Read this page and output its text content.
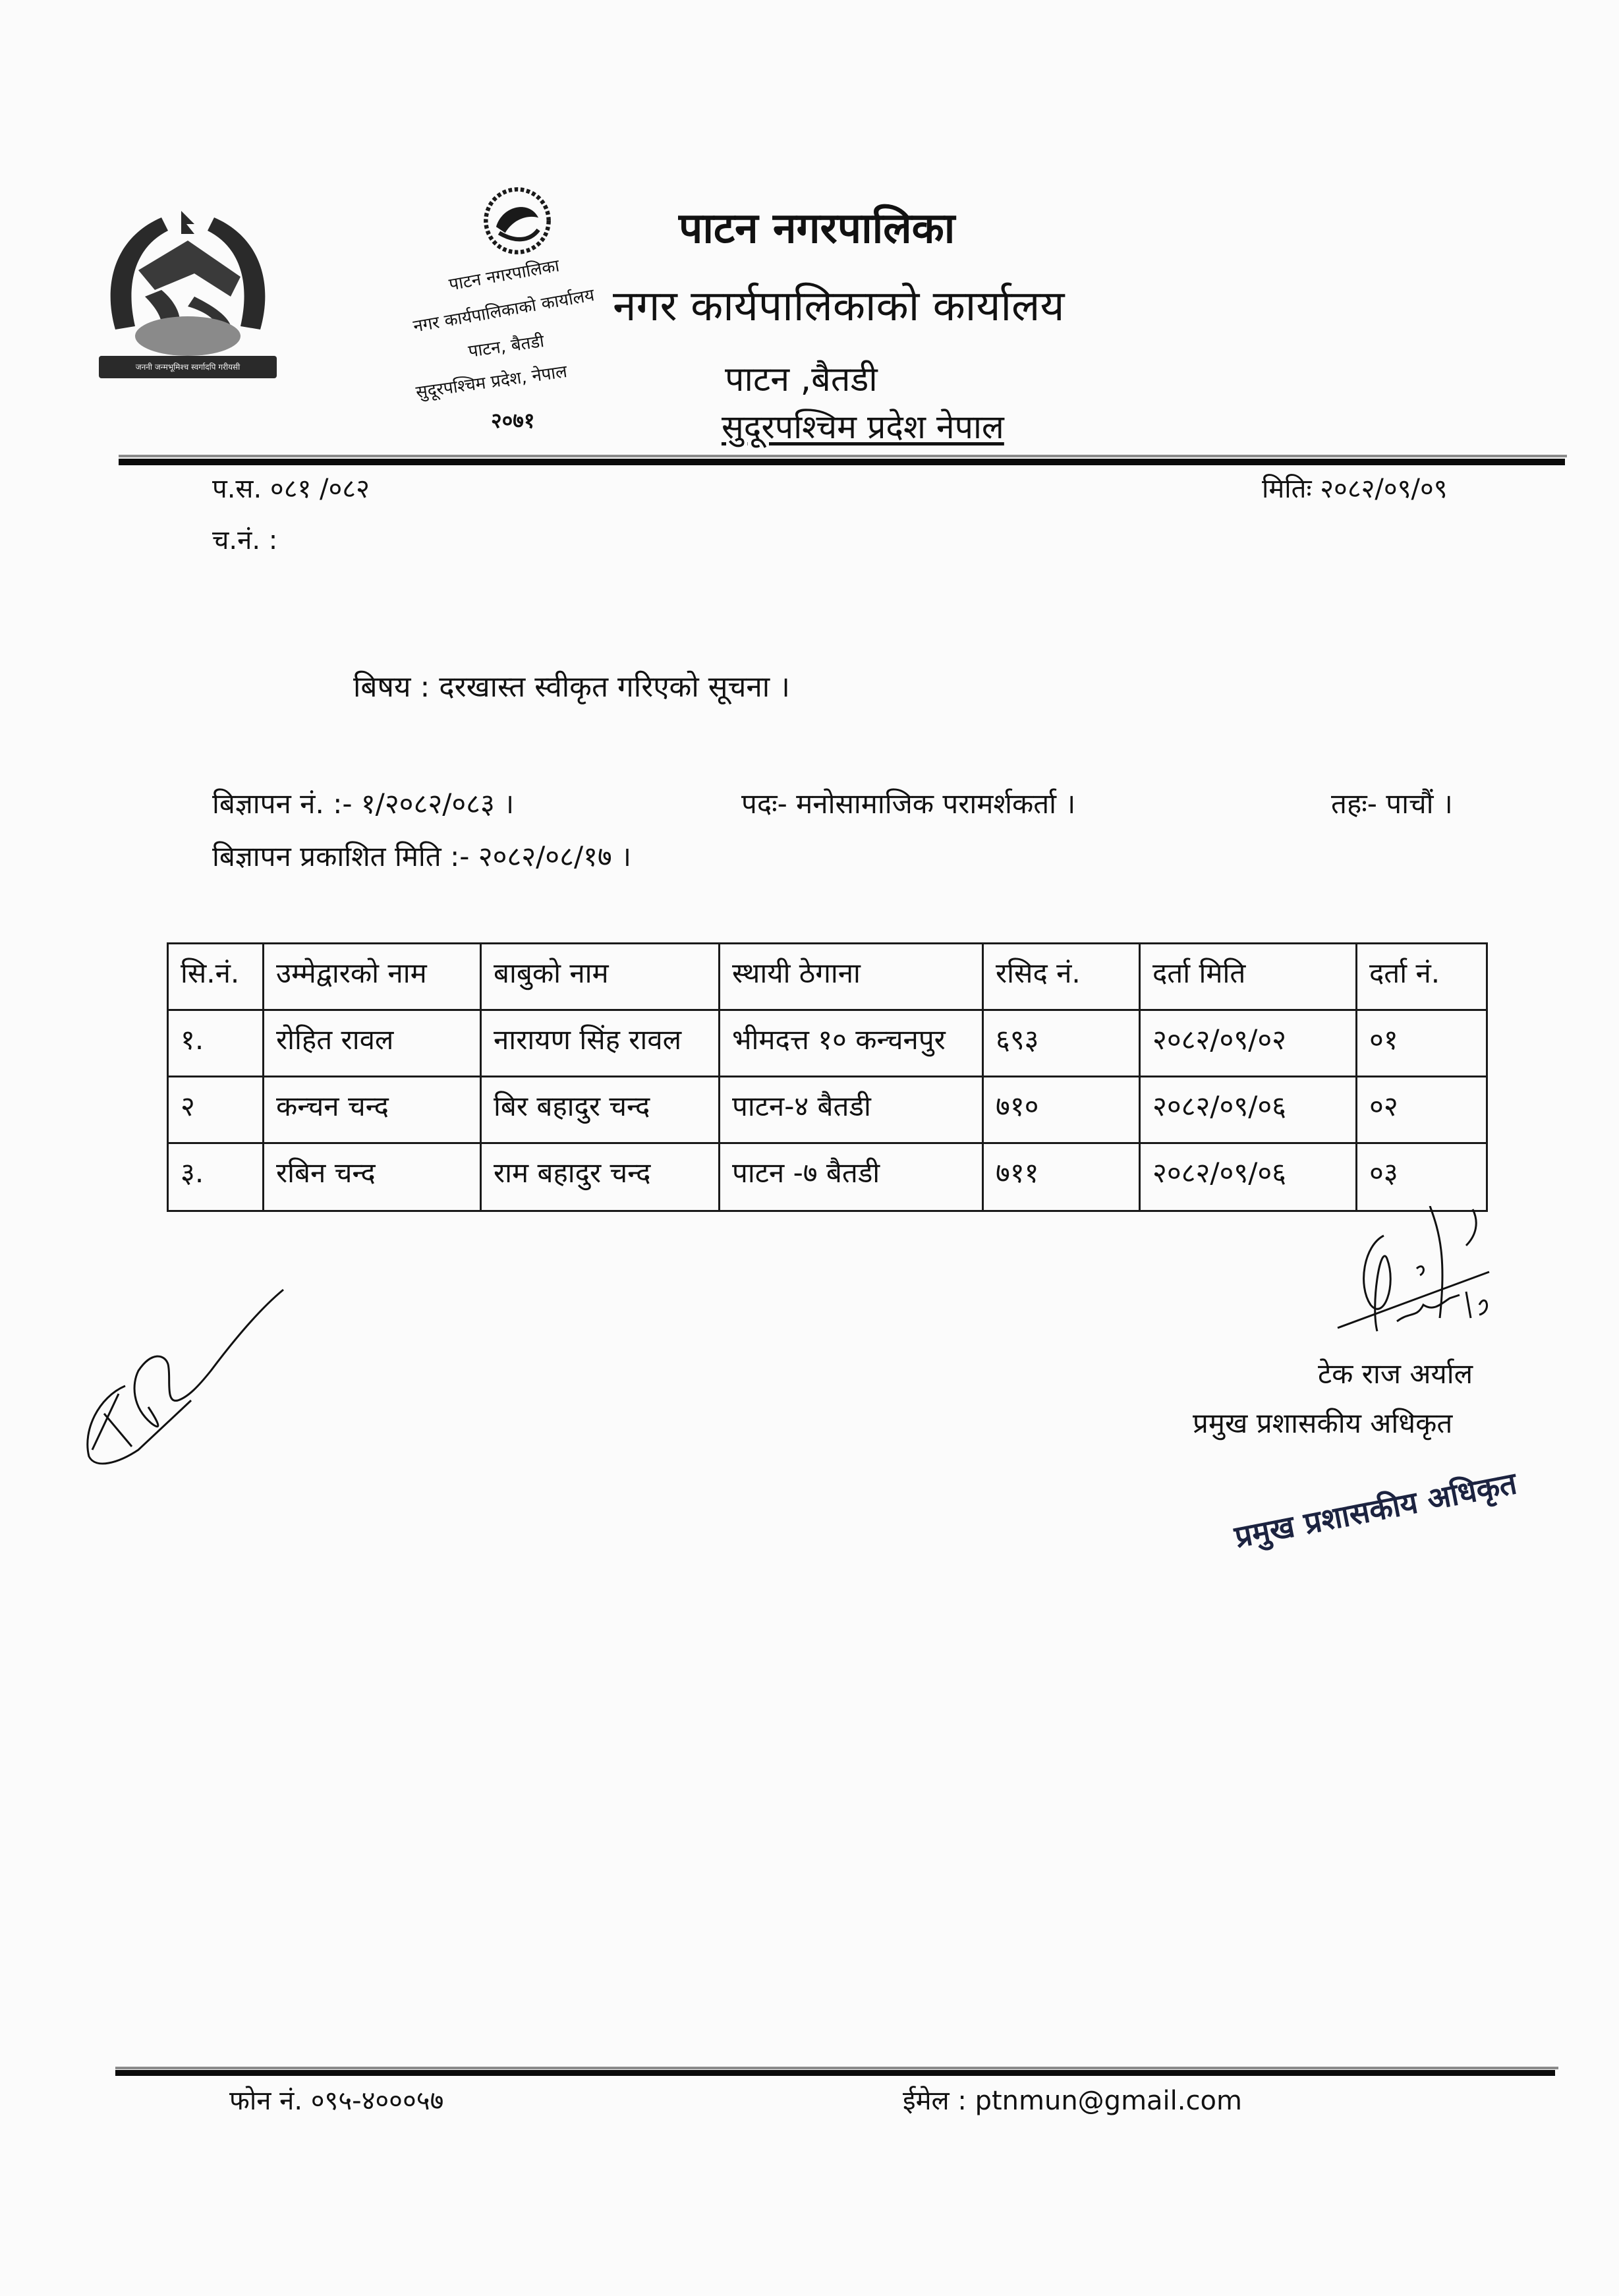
जननी जन्मभूमिश्च स्वर्गादपि गरीयसी
पाटन नगरपालिका
नगर कार्यपालिकाको कार्यालय
पाटन, बैतडी
सुदूरपश्चिम प्रदेश, नेपाल
२०७१
पाटन नगरपालिका
नगर कार्यपालिकाको कार्यालय
पाटन ,बैतडी
सुदूरपश्चिम प्रदेश नेपाल
प.स. ०८१ /०८२
च.नं. :
मितिः २०८२/०९/०९
बिषय : दरखास्त स्वीकृत गरिएको सूचना ।
बिज्ञापन नं. :- १/२०८२/०८३ ।	पदः- मनोसामाजिक परामर्शकर्ता ।	तहः- पाचौं ।
बिज्ञापन प्रकाशित मिति :- २०८२/०८/१७ ।
सि.नं.	उम्मेद्वारको नाम	बाबुको नाम	स्थायी ठेगाना	रसिद नं.	दर्ता मिति	दर्ता नं.
१.	रोहित रावल	नारायण सिंह रावल	भीमदत्त १० कन्चनपुर	६९३	२०८२/०९/०२	०१
२	कन्चन चन्द	बिर बहादुर चन्द	पाटन-४ बैतडी	७१०	२०८२/०९/०६	०२
३.	रबिन चन्द	राम बहादुर चन्द	पाटन -७ बैतडी	७११	२०८२/०९/०६	०३
टेक राज अर्याल
प्रमुख प्रशासकीय अधिकृत
प्रमुख प्रशासकीय अधिकृत
फोन नं. ०९५-४०००५७	ईमेल : ptnmun@gmail.com
